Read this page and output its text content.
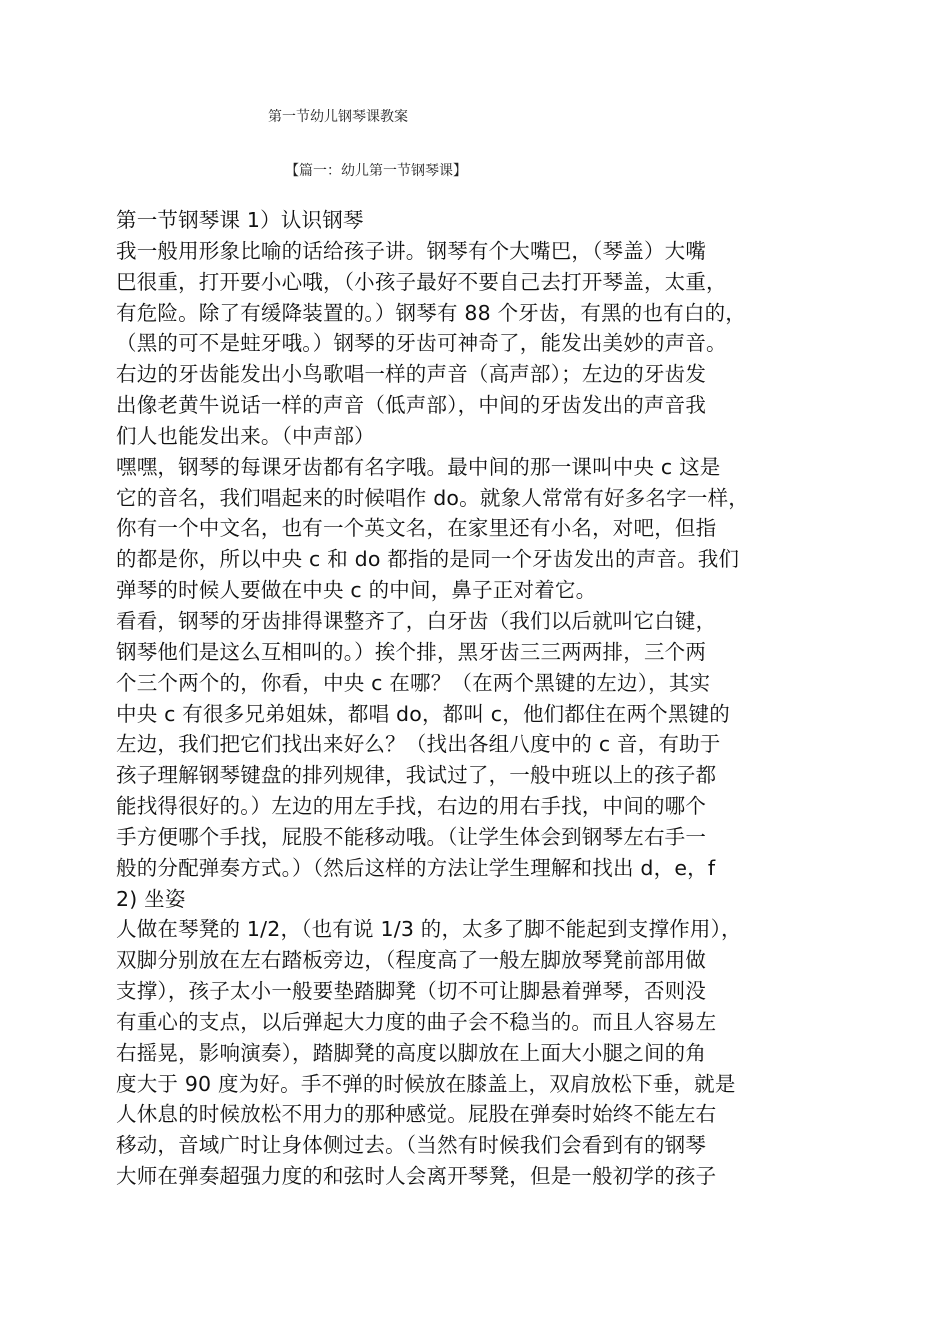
第一节幼儿钢琴课教案
【篇一：幼儿第一节钢琴课】
第一节钢琴课 1）认识钢琴
我一般用形象比喻的话给孩子讲。钢琴有个大嘴巴，（琴盖）大嘴
巴很重，打开要小心哦，（小孩子最好不要自己去打开琴盖，太重，
有危险。除了有缓降装置的。）钢琴有 88 个牙齿，有黑的也有白的，
（黑的可不是蛀牙哦。）钢琴的牙齿可神奇了，能发出美妙的声音。
右边的牙齿能发出小鸟歌唱一样的声音（高声部）；左边的牙齿发
出像老黄牛说话一样的声音（低声部），中间的牙齿发出的声音我
们人也能发出来。（中声部）
嘿嘿，钢琴的每课牙齿都有名字哦。最中间的那一课叫中央 c 这是
它的音名，我们唱起来的时候唱作 do。就象人常常有好多名字一样，
你有一个中文名，也有一个英文名，在家里还有小名，对吧，但指
的都是你，所以中央 c 和 do 都指的是同一个牙齿发出的声音。我们
弹琴的时候人要做在中央 c 的中间，鼻子正对着它。
看看，钢琴的牙齿排得课整齐了，白牙齿（我们以后就叫它白键，
钢琴他们是这么互相叫的。）挨个排，黑牙齿三三两两排，三个两
个三个两个的，你看，中央 c 在哪？（在两个黑键的左边），其实
中央 c 有很多兄弟姐妹，都唱 do，都叫 c，他们都住在两个黑键的
左边，我们把它们找出来好么？（找出各组八度中的 c 音，有助于
孩子理解钢琴键盘的排列规律，我试过了，一般中班以上的孩子都
能找得很好的。）左边的用左手找，右边的用右手找，中间的哪个
手方便哪个手找，屁股不能移动哦。（让学生体会到钢琴左右手一
般的分配弹奏方式。）（然后这样的方法让学生理解和找出 d，e，f
2) 坐姿
人做在琴凳的 1/2，（也有说 1/3 的，太多了脚不能起到支撑作用），
双脚分别放在左右踏板旁边，（程度高了一般左脚放琴凳前部用做
支撑），孩子太小一般要垫踏脚凳（切不可让脚悬着弹琴，否则没
有重心的支点，以后弹起大力度的曲子会不稳当的。而且人容易左
右摇晃，影响演奏），踏脚凳的高度以脚放在上面大小腿之间的角
度大于 90 度为好。手不弹的时候放在膝盖上，双肩放松下垂，就是
人休息的时候放松不用力的那种感觉。屁股在弹奏时始终不能左右
移动，音域广时让身体侧过去。（当然有时候我们会看到有的钢琴
大师在弹奏超强力度的和弦时人会离开琴凳，但是一般初学的孩子
